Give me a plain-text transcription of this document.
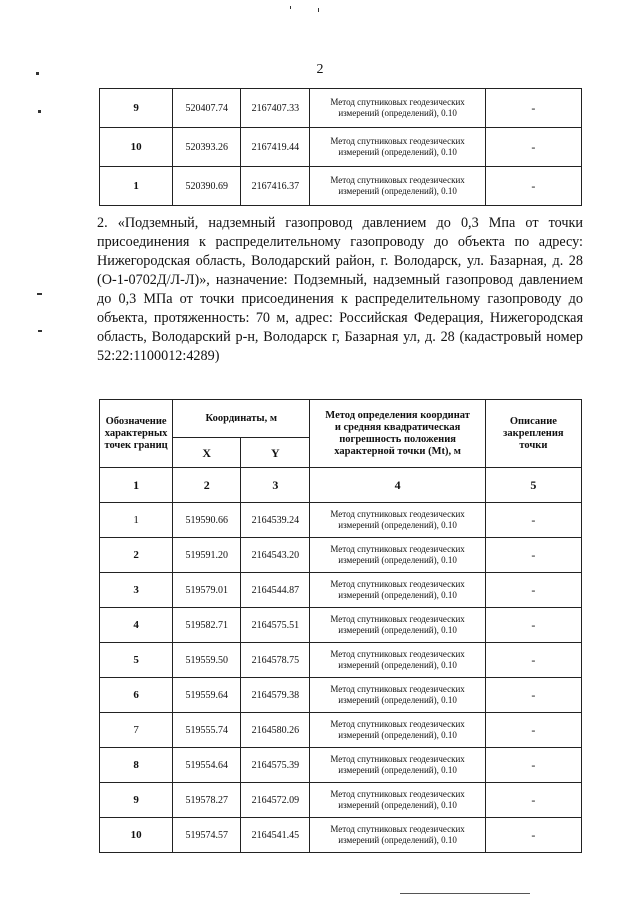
2
9	520407.74	2167407.33	Метод спутниковых геодезических
измерений (определений), 0.10	-
10	520393.26	2167419.44	Метод спутниковых геодезических
измерений (определений), 0.10	-
1	520390.69	2167416.37	Метод спутниковых геодезических
измерений (определений), 0.10	-

2. «Подземный, надземный газопровод давлением до 0,3 Мпа от точки присоединения к распределительному газопроводу до объекта по адресу: Нижегородская область, Володарский район, г. Володарск, ул. Базарная, д. 28 (О-1-0702Д/Л-Л)», назначение: Подземный, надземный газопровод давлением до 0,3 МПа от точки присоединения к распределительному газопроводу до объекта, протяженность: 70 м, адрес: Российская Федерация, Нижегородская область, Володарский р-н, Володарск г, Базарная ул, д. 28 (кадастровый номер 52:22:1100012:4289)

Обозначение
характерных
точек границ	Координаты, м		Метод определения координат
и средняя квадратическая
погрешность положения
характерной точки (Mt), м	Описание
закрепления
точки
	X	Y		
1	2	3	4	5
1	519590.66	2164539.24	Метод спутниковых геодезических
измерений (определений), 0.10	-
2	519591.20	2164543.20	Метод спутниковых геодезических
измерений (определений), 0.10	-
3	519579.01	2164544.87	Метод спутниковых геодезических
измерений (определений), 0.10	-
4	519582.71	2164575.51	Метод спутниковых геодезических
измерений (определений), 0.10	-
5	519559.50	2164578.75	Метод спутниковых геодезических
измерений (определений), 0.10	-
6	519559.64	2164579.38	Метод спутниковых геодезических
измерений (определений), 0.10	-
7	519555.74	2164580.26	Метод спутниковых геодезических
измерений (определений), 0.10	-
8	519554.64	2164575.39	Метод спутниковых геодезических
измерений (определений), 0.10	-
9	519578.27	2164572.09	Метод спутниковых геодезических
измерений (определений), 0.10	-
10	519574.57	2164541.45	Метод спутниковых геодезических
измерений (определений), 0.10	-
